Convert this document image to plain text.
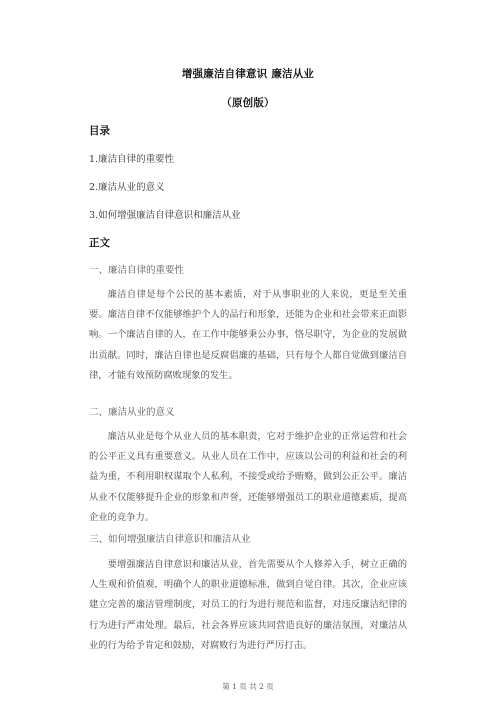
增强廉洁自律意识 廉洁从业
（原创版）
目录
1.廉洁自律的重要性
2.廉洁从业的意义
3.如何增强廉洁自律意识和廉洁从业
正文
一、廉洁自律的重要性

廉洁自律是每个公民的基本素质，对于从事职业的人来说，更是至关重要。廉洁自律不仅能够维护个人的品行和形象，还能为企业和社会带来正面影响。一个廉洁自律的人，在工作中能够秉公办事，恪尽职守，为企业的发展做出贡献。同时，廉洁自律也是反腐倡廉的基础，只有每个人都自觉做到廉洁自律，才能有效预防腐败现象的发生。

二、廉洁从业的意义

廉洁从业是每个从业人员的基本职责，它对于维护企业的正常运营和社会的公平正义具有重要意义。从业人员在工作中，应该以公司的利益和社会的利益为重，不利用职权谋取个人私利，不接受或给予贿赂，做到公正公平。廉洁从业不仅能够提升企业的形象和声誉，还能够增强员工的职业道德素质，提高企业的竞争力。

三、如何增强廉洁自律意识和廉洁从业

要增强廉洁自律意识和廉洁从业，首先需要从个人修养入手，树立正确的人生观和价值观，明确个人的职业道德标准，做到自觉自律。其次，企业应该建立完善的廉洁管理制度，对员工的行为进行规范和监督，对违反廉洁纪律的行为进行严肃处理。最后，社会各界应该共同营造良好的廉洁氛围，对廉洁从业的行为给予肯定和鼓励，对腐败行为进行严厉打击。

第 1 页 共 2 页
